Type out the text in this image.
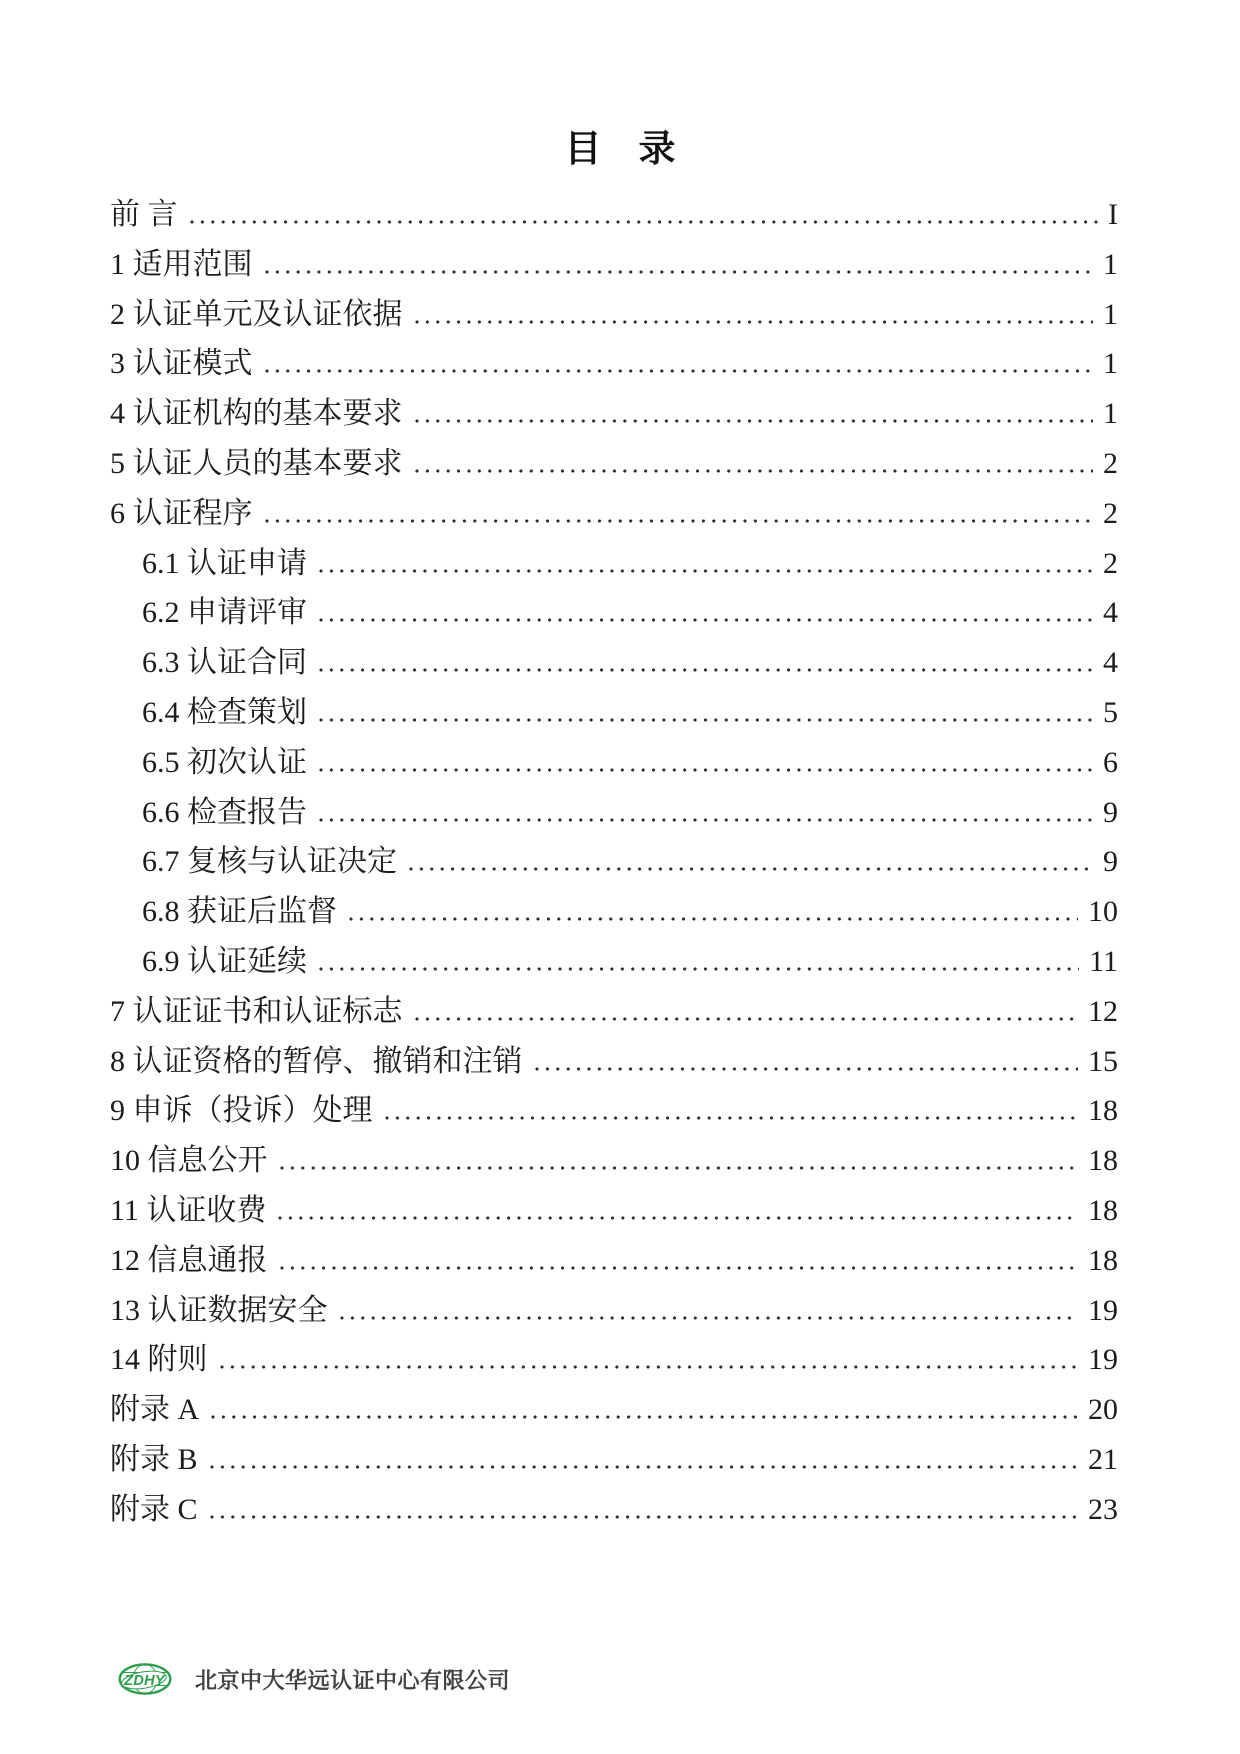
目　录
前 言	I
1 适用范围	1
2 认证单元及认证依据	1
3 认证模式	1
4 认证机构的基本要求	1
5 认证人员的基本要求	2
6 认证程序	2
6.1 认证申请	2
6.2 申请评审	4
6.3 认证合同	4
6.4 检查策划	5
6.5 初次认证	6
6.6 检查报告	9
6.7 复核与认证决定	9
6.8 获证后监督	10
6.9 认证延续	11
7 认证证书和认证标志	12
8 认证资格的暂停、撤销和注销	15
9 申诉（投诉）处理	18
10 信息公开	18
11 认证收费	18
12 信息通报	18
13 认证数据安全	19
14 附则	19
附录 A	20
附录 B	21
附录 C	23
ZDHY 北京中大华远认证中心有限公司
